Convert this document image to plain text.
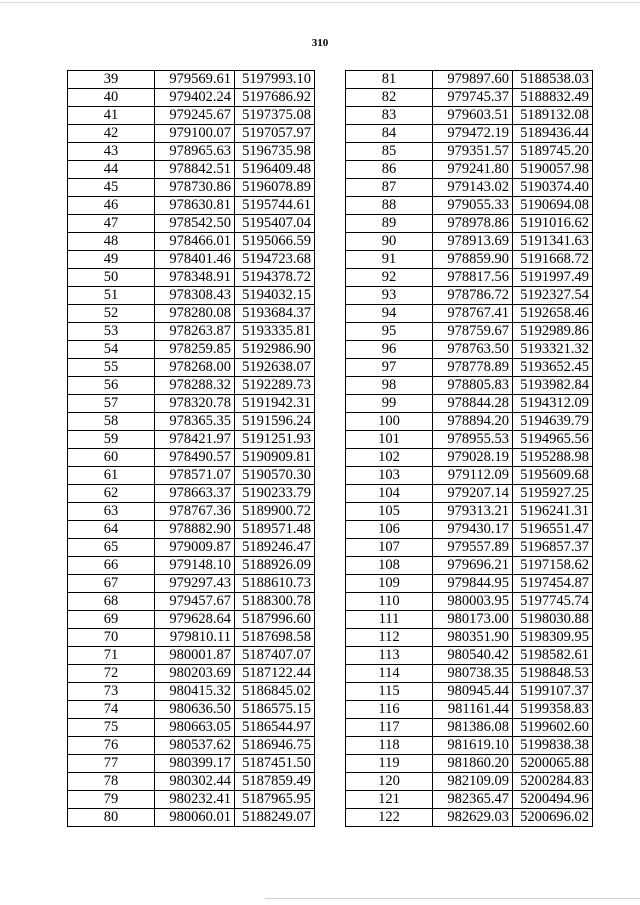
310
39	979569.61	5197993.10
40	979402.24	5197686.92
41	979245.67	5197375.08
42	979100.07	5197057.97
43	978965.63	5196735.98
44	978842.51	5196409.48
45	978730.86	5196078.89
46	978630.81	5195744.61
47	978542.50	5195407.04
48	978466.01	5195066.59
49	978401.46	5194723.68
50	978348.91	5194378.72
51	978308.43	5194032.15
52	978280.08	5193684.37
53	978263.87	5193335.81
54	978259.85	5192986.90
55	978268.00	5192638.07
56	978288.32	5192289.73
57	978320.78	5191942.31
58	978365.35	5191596.24
59	978421.97	5191251.93
60	978490.57	5190909.81
61	978571.07	5190570.30
62	978663.37	5190233.79
63	978767.36	5189900.72
64	978882.90	5189571.48
65	979009.87	5189246.47
66	979148.10	5188926.09
67	979297.43	5188610.73
68	979457.67	5188300.78
69	979628.64	5187996.60
70	979810.11	5187698.58
71	980001.87	5187407.07
72	980203.69	5187122.44
73	980415.32	5186845.02
74	980636.50	5186575.15
75	980663.05	5186544.97
76	980537.62	5186946.75
77	980399.17	5187451.50
78	980302.44	5187859.49
79	980232.41	5187965.95
80	980060.01	5188249.07
81	979897.60	5188538.03
82	979745.37	5188832.49
83	979603.51	5189132.08
84	979472.19	5189436.44
85	979351.57	5189745.20
86	979241.80	5190057.98
87	979143.02	5190374.40
88	979055.33	5190694.08
89	978978.86	5191016.62
90	978913.69	5191341.63
91	978859.90	5191668.72
92	978817.56	5191997.49
93	978786.72	5192327.54
94	978767.41	5192658.46
95	978759.67	5192989.86
96	978763.50	5193321.32
97	978778.89	5193652.45
98	978805.83	5193982.84
99	978844.28	5194312.09
100	978894.20	5194639.79
101	978955.53	5194965.56
102	979028.19	5195288.98
103	979112.09	5195609.68
104	979207.14	5195927.25
105	979313.21	5196241.31
106	979430.17	5196551.47
107	979557.89	5196857.37
108	979696.21	5197158.62
109	979844.95	5197454.87
110	980003.95	5197745.74
111	980173.00	5198030.88
112	980351.90	5198309.95
113	980540.42	5198582.61
114	980738.35	5198848.53
115	980945.44	5199107.37
116	981161.44	5199358.83
117	981386.08	5199602.60
118	981619.10	5199838.38
119	981860.20	5200065.88
120	982109.09	5200284.83
121	982365.47	5200494.96
122	982629.03	5200696.02
